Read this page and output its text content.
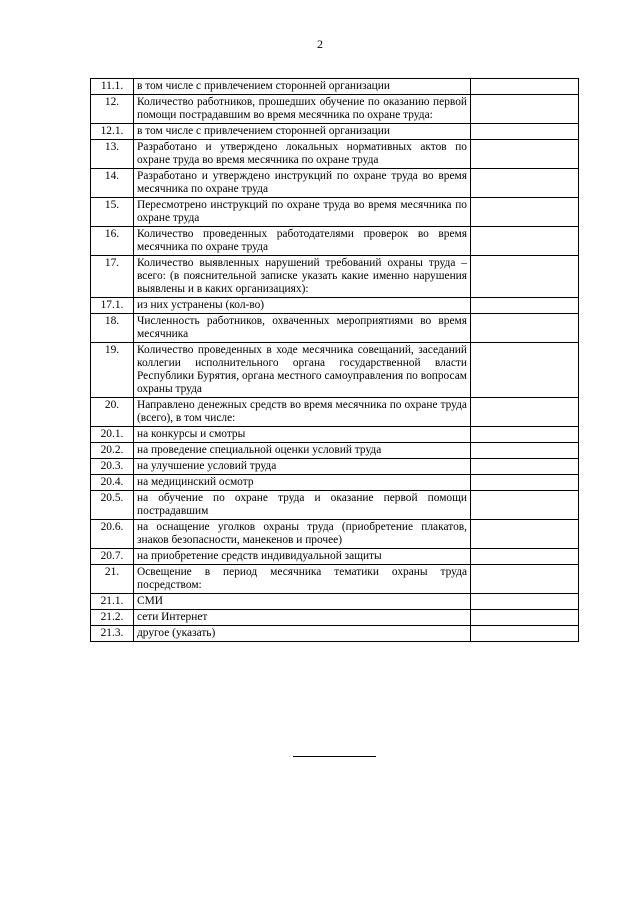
2
11.1.	в том числе с привлечением сторонней организации	
12.	Количество работников, прошедших обучение по оказанию первой помощи пострадавшим во время месячника по охране труда:	
12.1.	в том числе с привлечением сторонней организации	
13.	Разработано и утверждено локальных нормативных актов по охране труда во время месячника по охране труда	
14.	Разработано и утверждено инструкций по охране труда во время месячника по охране труда	
15.	Пересмотрено инструкций по охране труда во время месячника по охране труда	
16.	Количество проведенных работодателями проверок во время месячника по охране труда	
17.	Количество выявленных нарушений требований охраны труда – всего: (в пояснительной записке указать какие именно нарушения выявлены и в каких организациях):	
17.1.	из них устранены (кол-во)	
18.	Численность работников, охваченных мероприятиями во время месячника	
19.	Количество проведенных в ходе месячника совещаний, заседаний коллегии исполнительного органа государственной власти Республики Бурятия, органа местного самоуправления по вопросам охраны труда	
20.	Направлено денежных средств во время месячника по охране труда (всего), в том числе:	
20.1.	на конкурсы и смотры	
20.2.	на проведение специальной оценки условий труда	
20.3.	на улучшение условий труда	
20.4.	на медицинский осмотр	
20.5.	на обучение по охране труда и оказание первой помощи пострадавшим	
20.6.	на оснащение уголков охраны труда (приобретение плакатов, знаков безопасности, манекенов и прочее)	
20.7.	на приобретение средств индивидуальной защиты	
21.	Освещение в период месячника тематики охраны труда посредством:	
21.1.	СМИ	
21.2.	сети Интернет	
21.3.	другое (указать)	
